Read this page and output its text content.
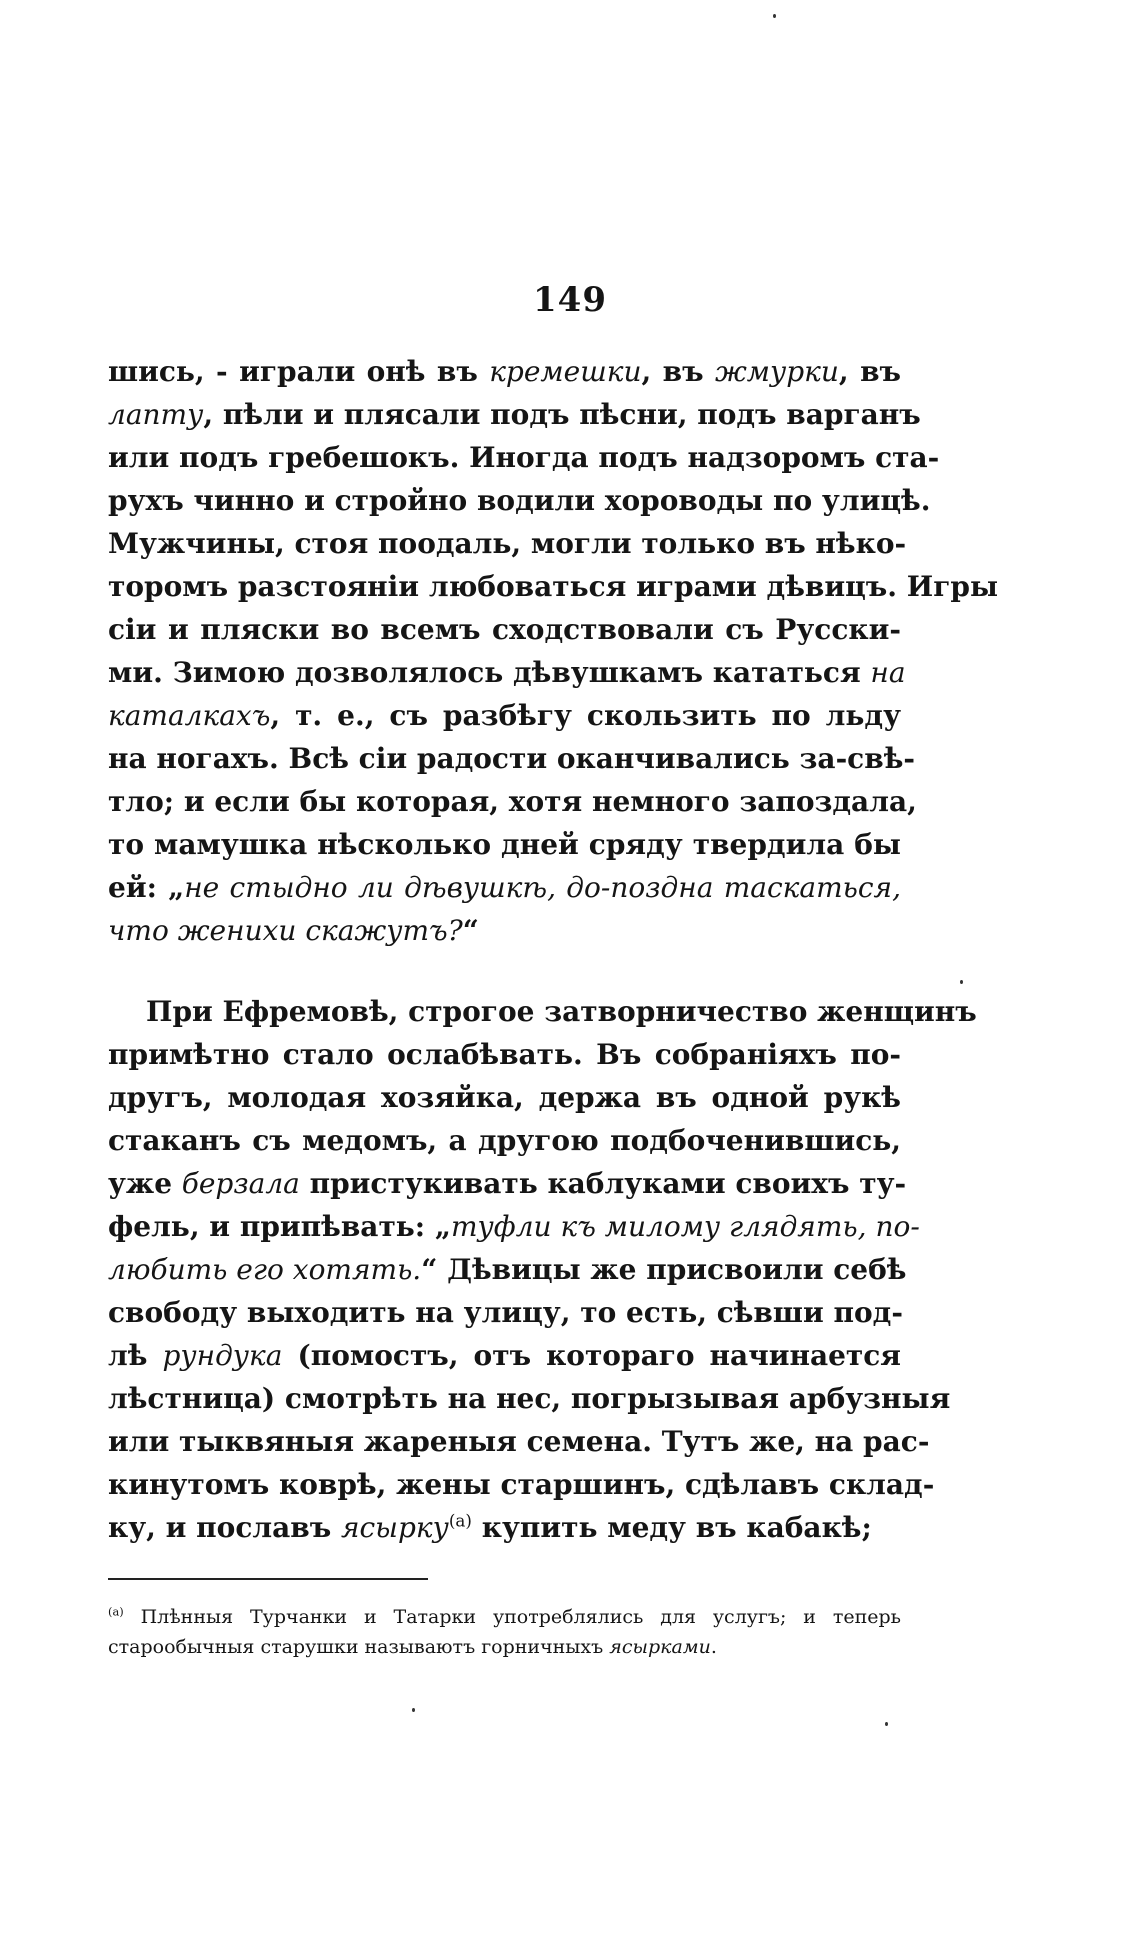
149
шись, - играли онѣ въ кремешки, въ жмурки, въ
лапту, пѣли и плясали подъ пѣсни, подъ варганъ
или подъ гребешокъ. Иногда подъ надзоромъ ста-
рухъ чинно и стройно водили хороводы по улицѣ.
Мужчины, стоя поодаль, могли только въ нѣко-
торомъ разстояніи любоваться играми дѣвицъ. Игры
сіи и пляски во всемъ сходствовали съ Русски-
ми. Зимою дозволялось дѣвушкамъ кататься на
каталкахъ, т. е., съ разбѣгу скользить по льду
на ногахъ. Всѣ сіи радости оканчивались за-свѣ-
тло; и если бы которая, хотя немного запоздала,
то мамушка нѣсколько дней сряду твердила бы
ей: „не стыдно ли дѣвушкѣ, до-поздна таскаться,
что женихи скажутъ?“
При Ефремовѣ, строгое затворничество женщинъ
примѣтно стало ослабѣвать. Въ собраніяхъ по-
другъ, молодая хозяйка, держа въ одной рукѣ
стаканъ съ медомъ, а другою подбоченившись,
уже берзала пристукивать каблуками своихъ ту-
фель, и припѣвать: „туфли къ милому глядять, по-
любить его хотять.“ Дѣвицы же присвоили себѣ
свободу выходить на улицу, то есть, сѣвши под-
лѣ рундука (помостъ, отъ котораго начинается
лѣстница) смотрѣть на нес, погрызывая арбузныя
или тыквяныя жареныя семена. Тутъ же, на рас-
кинутомъ коврѣ, жены старшинъ, сдѣлавъ склад-
ку, и пославъ ясырку$^{(а)}$ купить меду въ кабакѣ;
$^{(а)}$ Плѣнныя Турчанки и Татарки употреблялись для услугъ; и теперь
старообычныя старушки называютъ горничныхъ ясырками.
